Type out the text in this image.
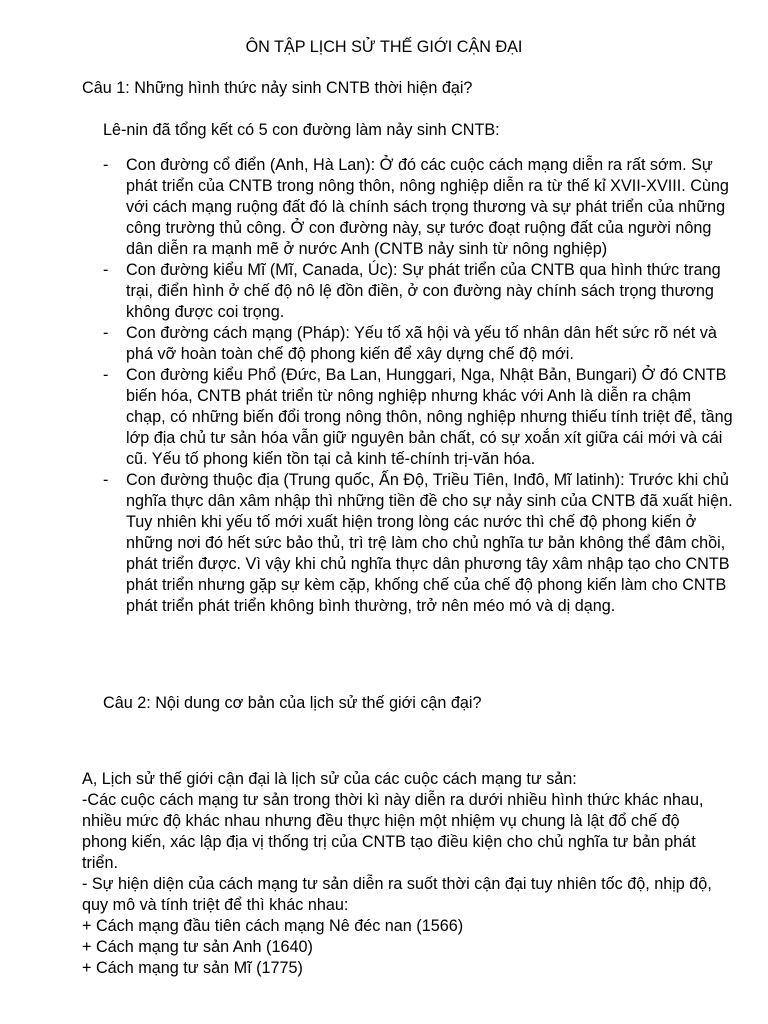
ÔN TẬP LỊCH SỬ THẾ GIỚI CẬN ĐẠI
Câu 1: Những hình thức nảy sinh CNTB thời hiện đại?
Lê-nin đã tổng kết có 5 con đường làm nảy sinh CNTB:
- Con đường cổ điển (Anh, Hà Lan): Ở đó các cuộc cách mạng diễn ra rất sớm. Sự phát triển của CNTB trong nông thôn, nông nghiệp diễn ra từ thế kỉ XVII-XVIII. Cùng với cách mạng ruộng đất đó là chính sách trọng thương và sự phát triển của những công trường thủ công. Ở con đường này, sự tước đoạt ruộng đất của người nông dân diễn ra mạnh mẽ ở nước Anh (CNTB nảy sinh từ nông nghiệp)
- Con đường kiểu Mĩ (Mĩ, Canada, Úc): Sự phát triển của CNTB qua hình thức trang trại, điển hình ở chế độ nô lệ đồn điền, ở con đường này chính sách trọng thương không được coi trọng.
- Con đường cách mạng (Pháp): Yếu tố xã hội và yếu tố nhân dân hết sức rõ nét và phá vỡ hoàn toàn chế độ phong kiến để xây dựng chế độ mới.
- Con đường kiểu Phổ (Đức, Ba Lan, Hunggari, Nga, Nhật Bản, Bungari) Ở đó CNTB biến hóa, CNTB phát triển từ nông nghiệp nhưng khác với Anh là diễn ra chậm chạp, có những biến đổi trong nông thôn, nông nghiệp nhưng thiếu tính triệt để, tầng lớp địa chủ tư sản hóa vẫn giữ nguyên bản chất, có sự xoắn xít giữa cái mới và cái cũ. Yếu tố phong kiến tồn tại cả kinh tế-chính trị-văn hóa.
- Con đường thuộc địa (Trung quốc, Ấn Độ, Triều Tiên, Inđô, Mĩ latinh): Trước khi chủ nghĩa thực dân xâm nhập thì những tiền đề cho sự nảy sinh của CNTB đã xuất hiện. Tuy nhiên khi yếu tố mới xuất hiện trong lòng các nước thì chế độ phong kiến ở những nơi đó hết sức bảo thủ, trì trệ làm cho chủ nghĩa tư bản không thể đâm chồi, phát triển được. Vì vậy khi chủ nghĩa thực dân phương tây xâm nhập tạo cho CNTB phát triển nhưng gặp sự kèm cặp, khống chế của chế độ phong kiến làm cho CNTB phát triển phát triển không bình thường, trở nên méo mó và dị dạng.
Câu 2: Nội dung cơ bản của lịch sử thế giới cận đại?

A, Lịch sử thế giới cận đại là lịch sử của các cuộc cách mạng tư sản:

-Các cuộc cách mạng tư sản trong thời kì này diễn ra dưới nhiều hình thức khác nhau, nhiều mức độ khác nhau nhưng đều thực hiện một nhiệm vụ chung là lật đổ chế độ phong kiến, xác lập địa vị thống trị của CNTB tạo điều kiện cho chủ nghĩa tư bản phát triển.

- Sự hiện diện của cách mạng tư sản diễn ra suốt thời cận đại tuy nhiên tốc độ, nhịp độ, quy mô và tính triệt để thì khác nhau:

+ Cách mạng đầu tiên cách mạng Nê đéc nan (1566)

+ Cách mạng tư sản Anh (1640)

+ Cách mạng tư sản Mĩ (1775)
